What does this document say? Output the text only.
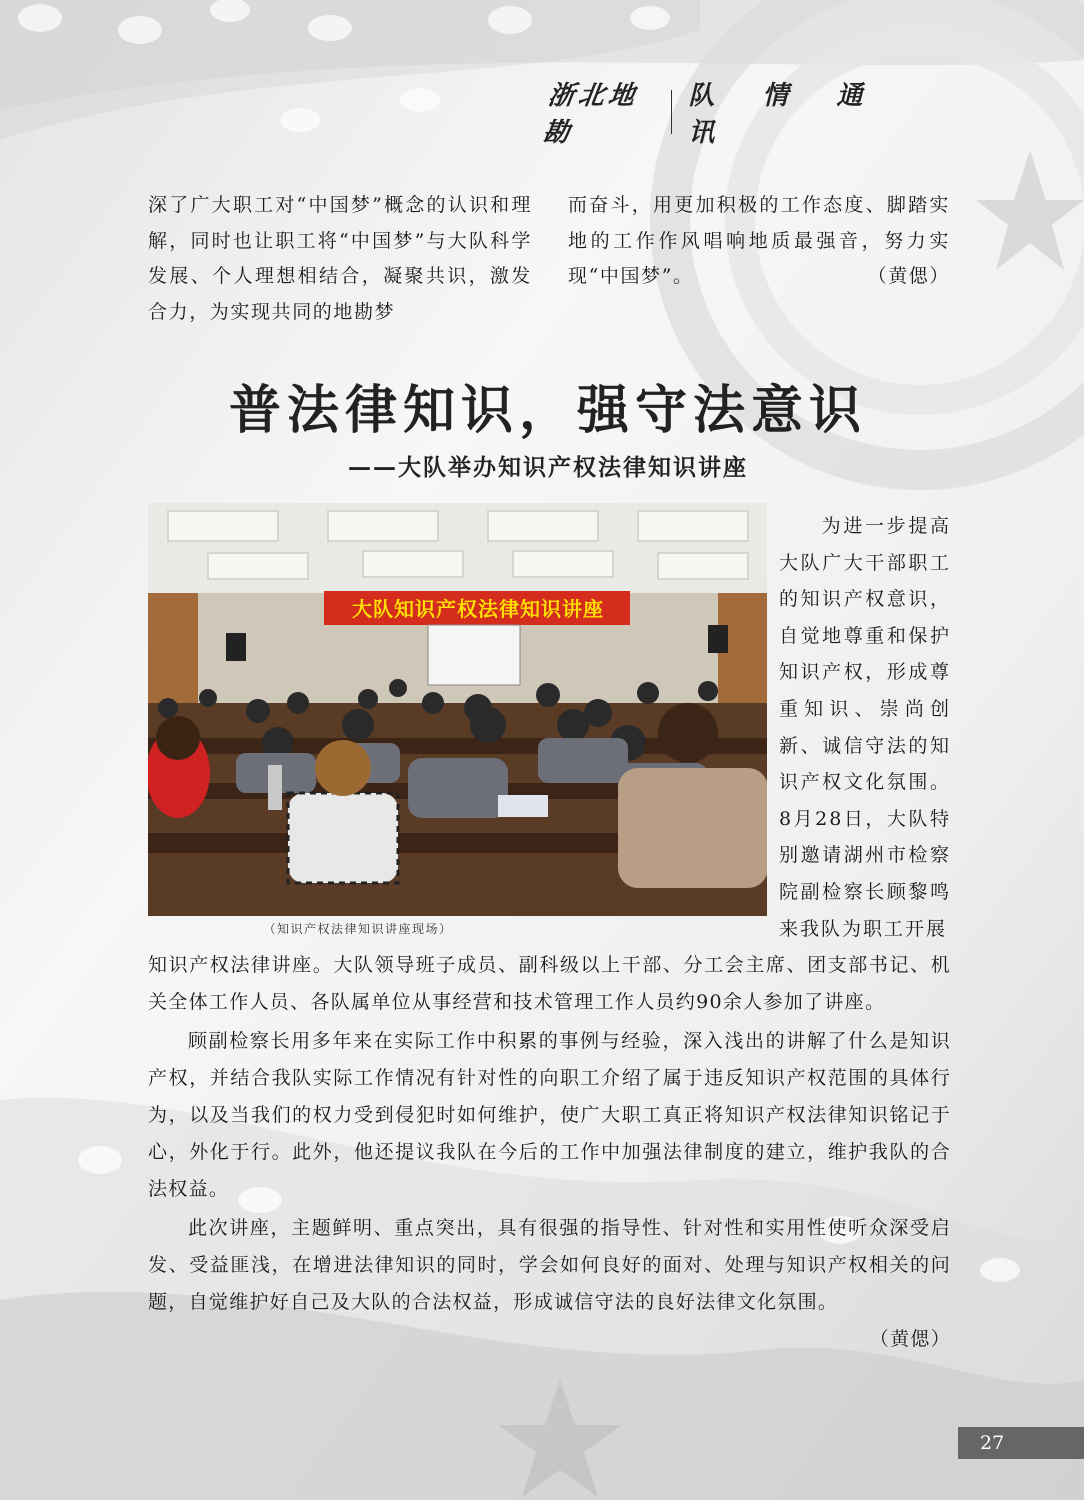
浙北地勘
队情通讯

深了广大职工对“中国梦”概念的认识和理解，同时也让职工将“中国梦”与大队科学发展、个人理想相结合，凝聚共识，激发合力，为实现共同的地勘梦

而奋斗，用更加积极的工作态度、脚踏实地的工作作风唱响地质最强音，努力实现“中国梦”。	（黄偲）

普法律知识，强守法意识
——大队举办知识产权法律知识讲座
大队知识产权法律知识讲座
（知识产权法律知识讲座现场）

为进一步提高大队广大干部职工的知识产权意识，自觉地尊重和保护知识产权，形成尊重知识、崇尚创新、诚信守法的知识产权文化氛围。8月28日，大队特别邀请湖州市检察院副检察长顾黎鸣来我队为职工开展

知识产权法律讲座。大队领导班子成员、副科级以上干部、分工会主席、团支部书记、机关全体工作人员、各队属单位从事经营和技术管理工作人员约90余人参加了讲座。

顾副检察长用多年来在实际工作中积累的事例与经验，深入浅出的讲解了什么是知识产权，并结合我队实际工作情况有针对性的向职工介绍了属于违反知识产权范围的具体行为，以及当我们的权力受到侵犯时如何维护，使广大职工真正将知识产权法律知识铭记于心，外化于行。此外，他还提议我队在今后的工作中加强法律制度的建立，维护我队的合法权益。

此次讲座，主题鲜明、重点突出，具有很强的指导性、针对性和实用性使听众深受启发、受益匪浅，在增进法律知识的同时，学会如何良好的面对、处理与知识产权相关的问题，自觉维护好自己及大队的合法权益，形成诚信守法的良好法律文化氛围。
（黄偲）

27
